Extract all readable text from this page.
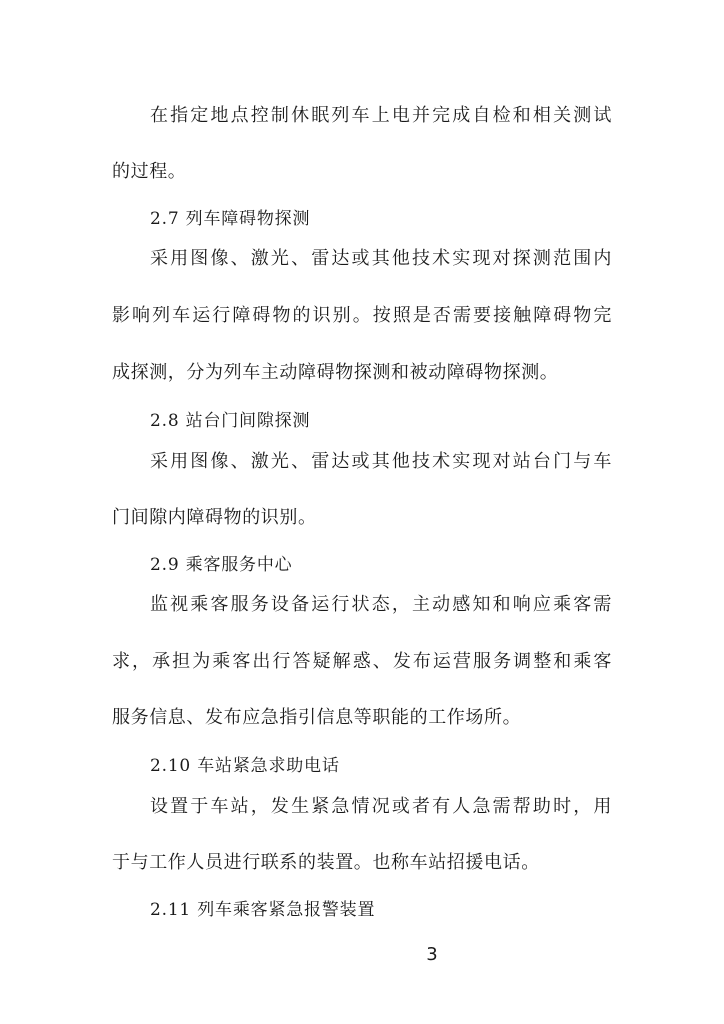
在指定地点控制休眠列车上电并完成自检和相关测试
的过程。
2.7 列车障碍物探测
采用图像、激光、雷达或其他技术实现对探测范围内
影响列车运行障碍物的识别。按照是否需要接触障碍物完
成探测，分为列车主动障碍物探测和被动障碍物探测。
2.8 站台门间隙探测
采用图像、激光、雷达或其他技术实现对站台门与车
门间隙内障碍物的识别。
2.9 乘客服务中心
监视乘客服务设备运行状态，主动感知和响应乘客需
求，承担为乘客出行答疑解惑、发布运营服务调整和乘客
服务信息、发布应急指引信息等职能的工作场所。
2.10 车站紧急求助电话
设置于车站，发生紧急情况或者有人急需帮助时，用
于与工作人员进行联系的装置。也称车站招援电话。
2.11 列车乘客紧急报警装置
3
